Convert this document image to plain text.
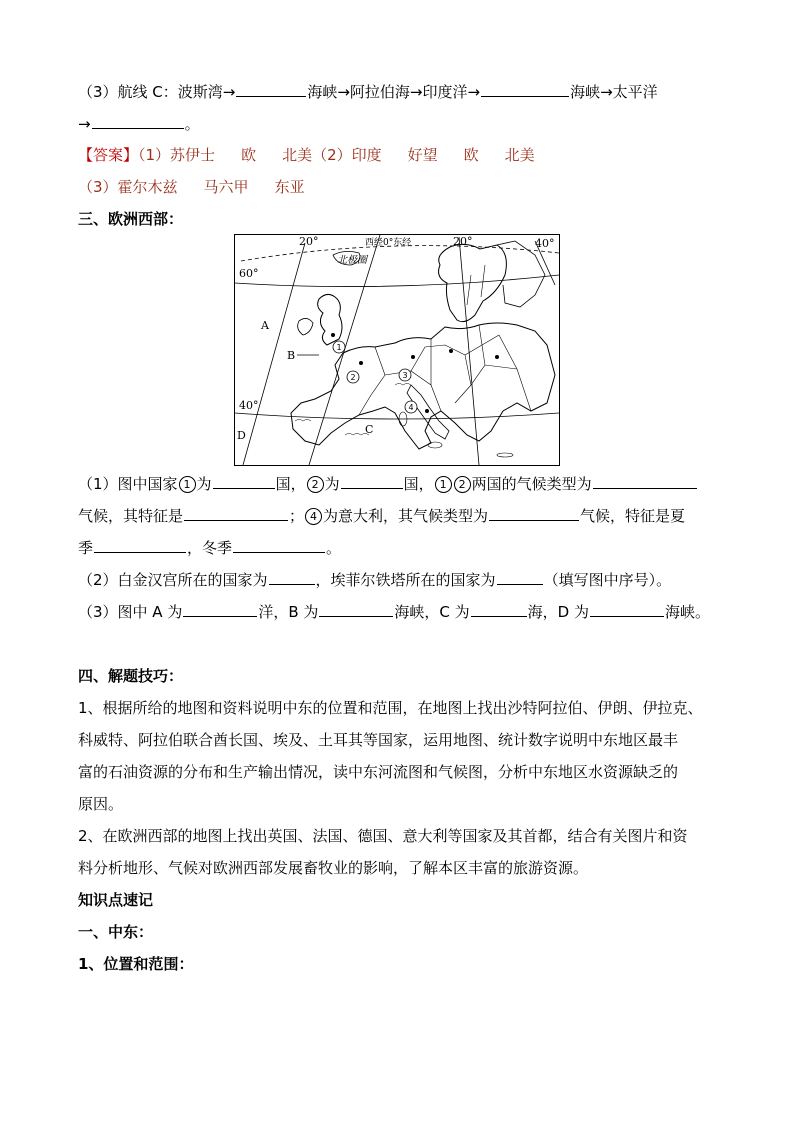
（3）航线 C：波斯湾→	海峡→阿拉伯海→印度洋→	海峡→太平洋
→	。
【答案】（1）苏伊士 欧 北美（2）印度 好望 欧 北美
（3）霍尔木兹 马六甲 东亚
三、欧洲西部：
20°	西经0°东经	20°	40°
北极圈
60°
40°
A
B
C
D
1
2	3
4
（1）图中国家 1 为	国， 2 为	国， 1 2 两国的气候类型为
气候，其特征是	； 4 为意大利，其气候类型为	气候，特征是夏
季	，冬季	。
（2）白金汉宫所在的国家为	，埃菲尔铁塔所在的国家为	（填写图中序号）。
（3）图中 A 为	洋，B 为	海峡，C 为	海，D 为	海峡。
四、解题技巧：
1、根据所给的地图和资料说明中东的位置和范围，在地图上找出沙特阿拉伯、伊朗、伊拉克、
科威特、阿拉伯联合酋长国、埃及、土耳其等国家，运用地图、统计数字说明中东地区最丰
富的石油资源的分布和生产输出情况，读中东河流图和气候图，分析中东地区水资源缺乏的
原因。
2、在欧洲西部的地图上找出英国、法国、德国、意大利等国家及其首都，结合有关图片和资
料分析地形、气候对欧洲西部发展畜牧业的影响，了解本区丰富的旅游资源。
知识点速记
一、中东：
1、位置和范围：
